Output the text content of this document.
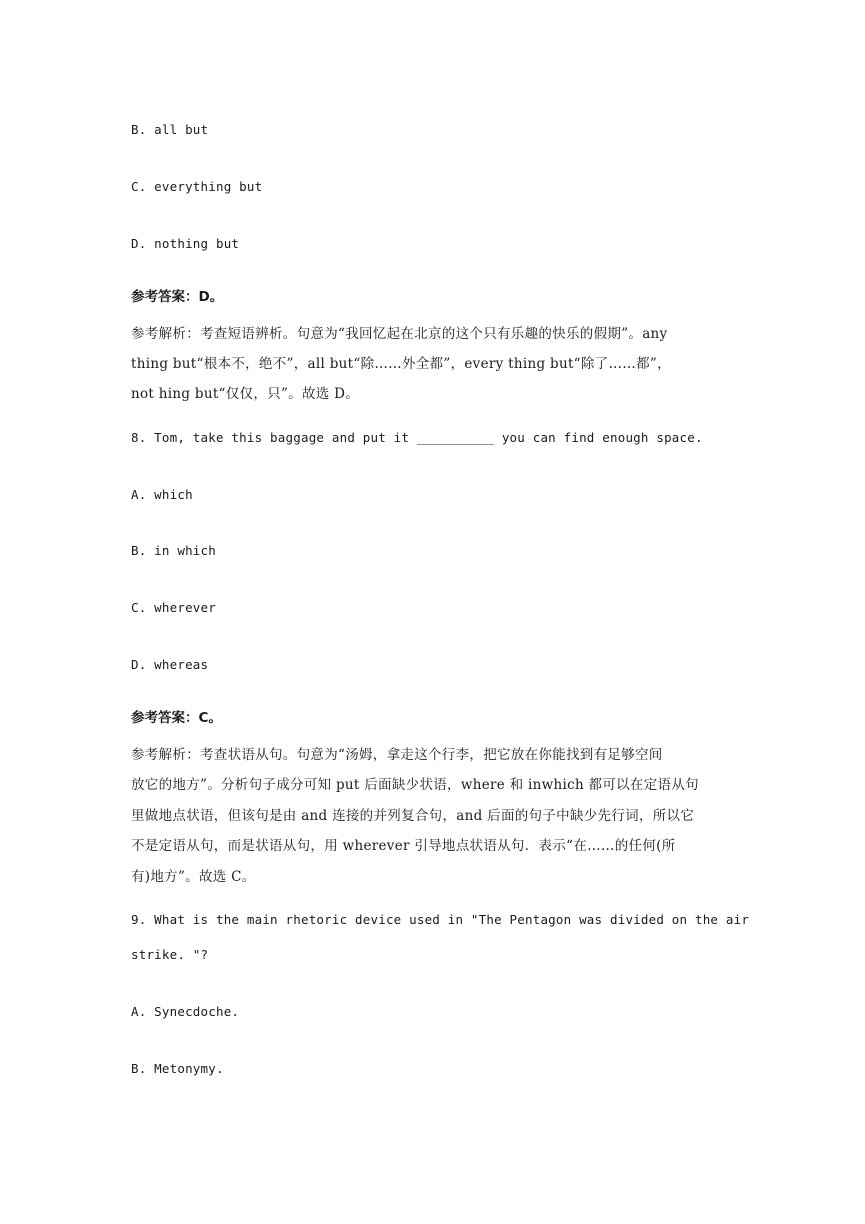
B. all but
C. everything but
D. nothing but
参考答案：D。
参考解析：考查短语辨析。句意为“我回忆起在北京的这个只有乐趣的快乐的假期”。any
thing but“根本不，绝不”，all but“除……外全都”，every thing but“除了……都”，
not hing but“仅仅，只”。故选 D。
8. Tom, take this baggage and put it __________ you can find enough space.
A. which
B. in which
C. wherever
D. whereas
参考答案：C。
参考解析：考查状语从句。句意为“汤姆，拿走这个行李，把它放在你能找到有足够空间
放它的地方”。分析句子成分可知 put 后面缺少状语，where 和 inwhich 都可以在定语从句
里做地点状语，但该句是由 and 连接的并列复合句，and 后面的句子中缺少先行词，所以它
不是定语从句，而是状语从句，用 wherever 引导地点状语从句．表示“在……的任何(所
有)地方”。故选 C。
9. What is the main rhetoric device used in "The Pentagon was divided on the air
strike. "?
A. Synecdoche.
B. Metonymy.
